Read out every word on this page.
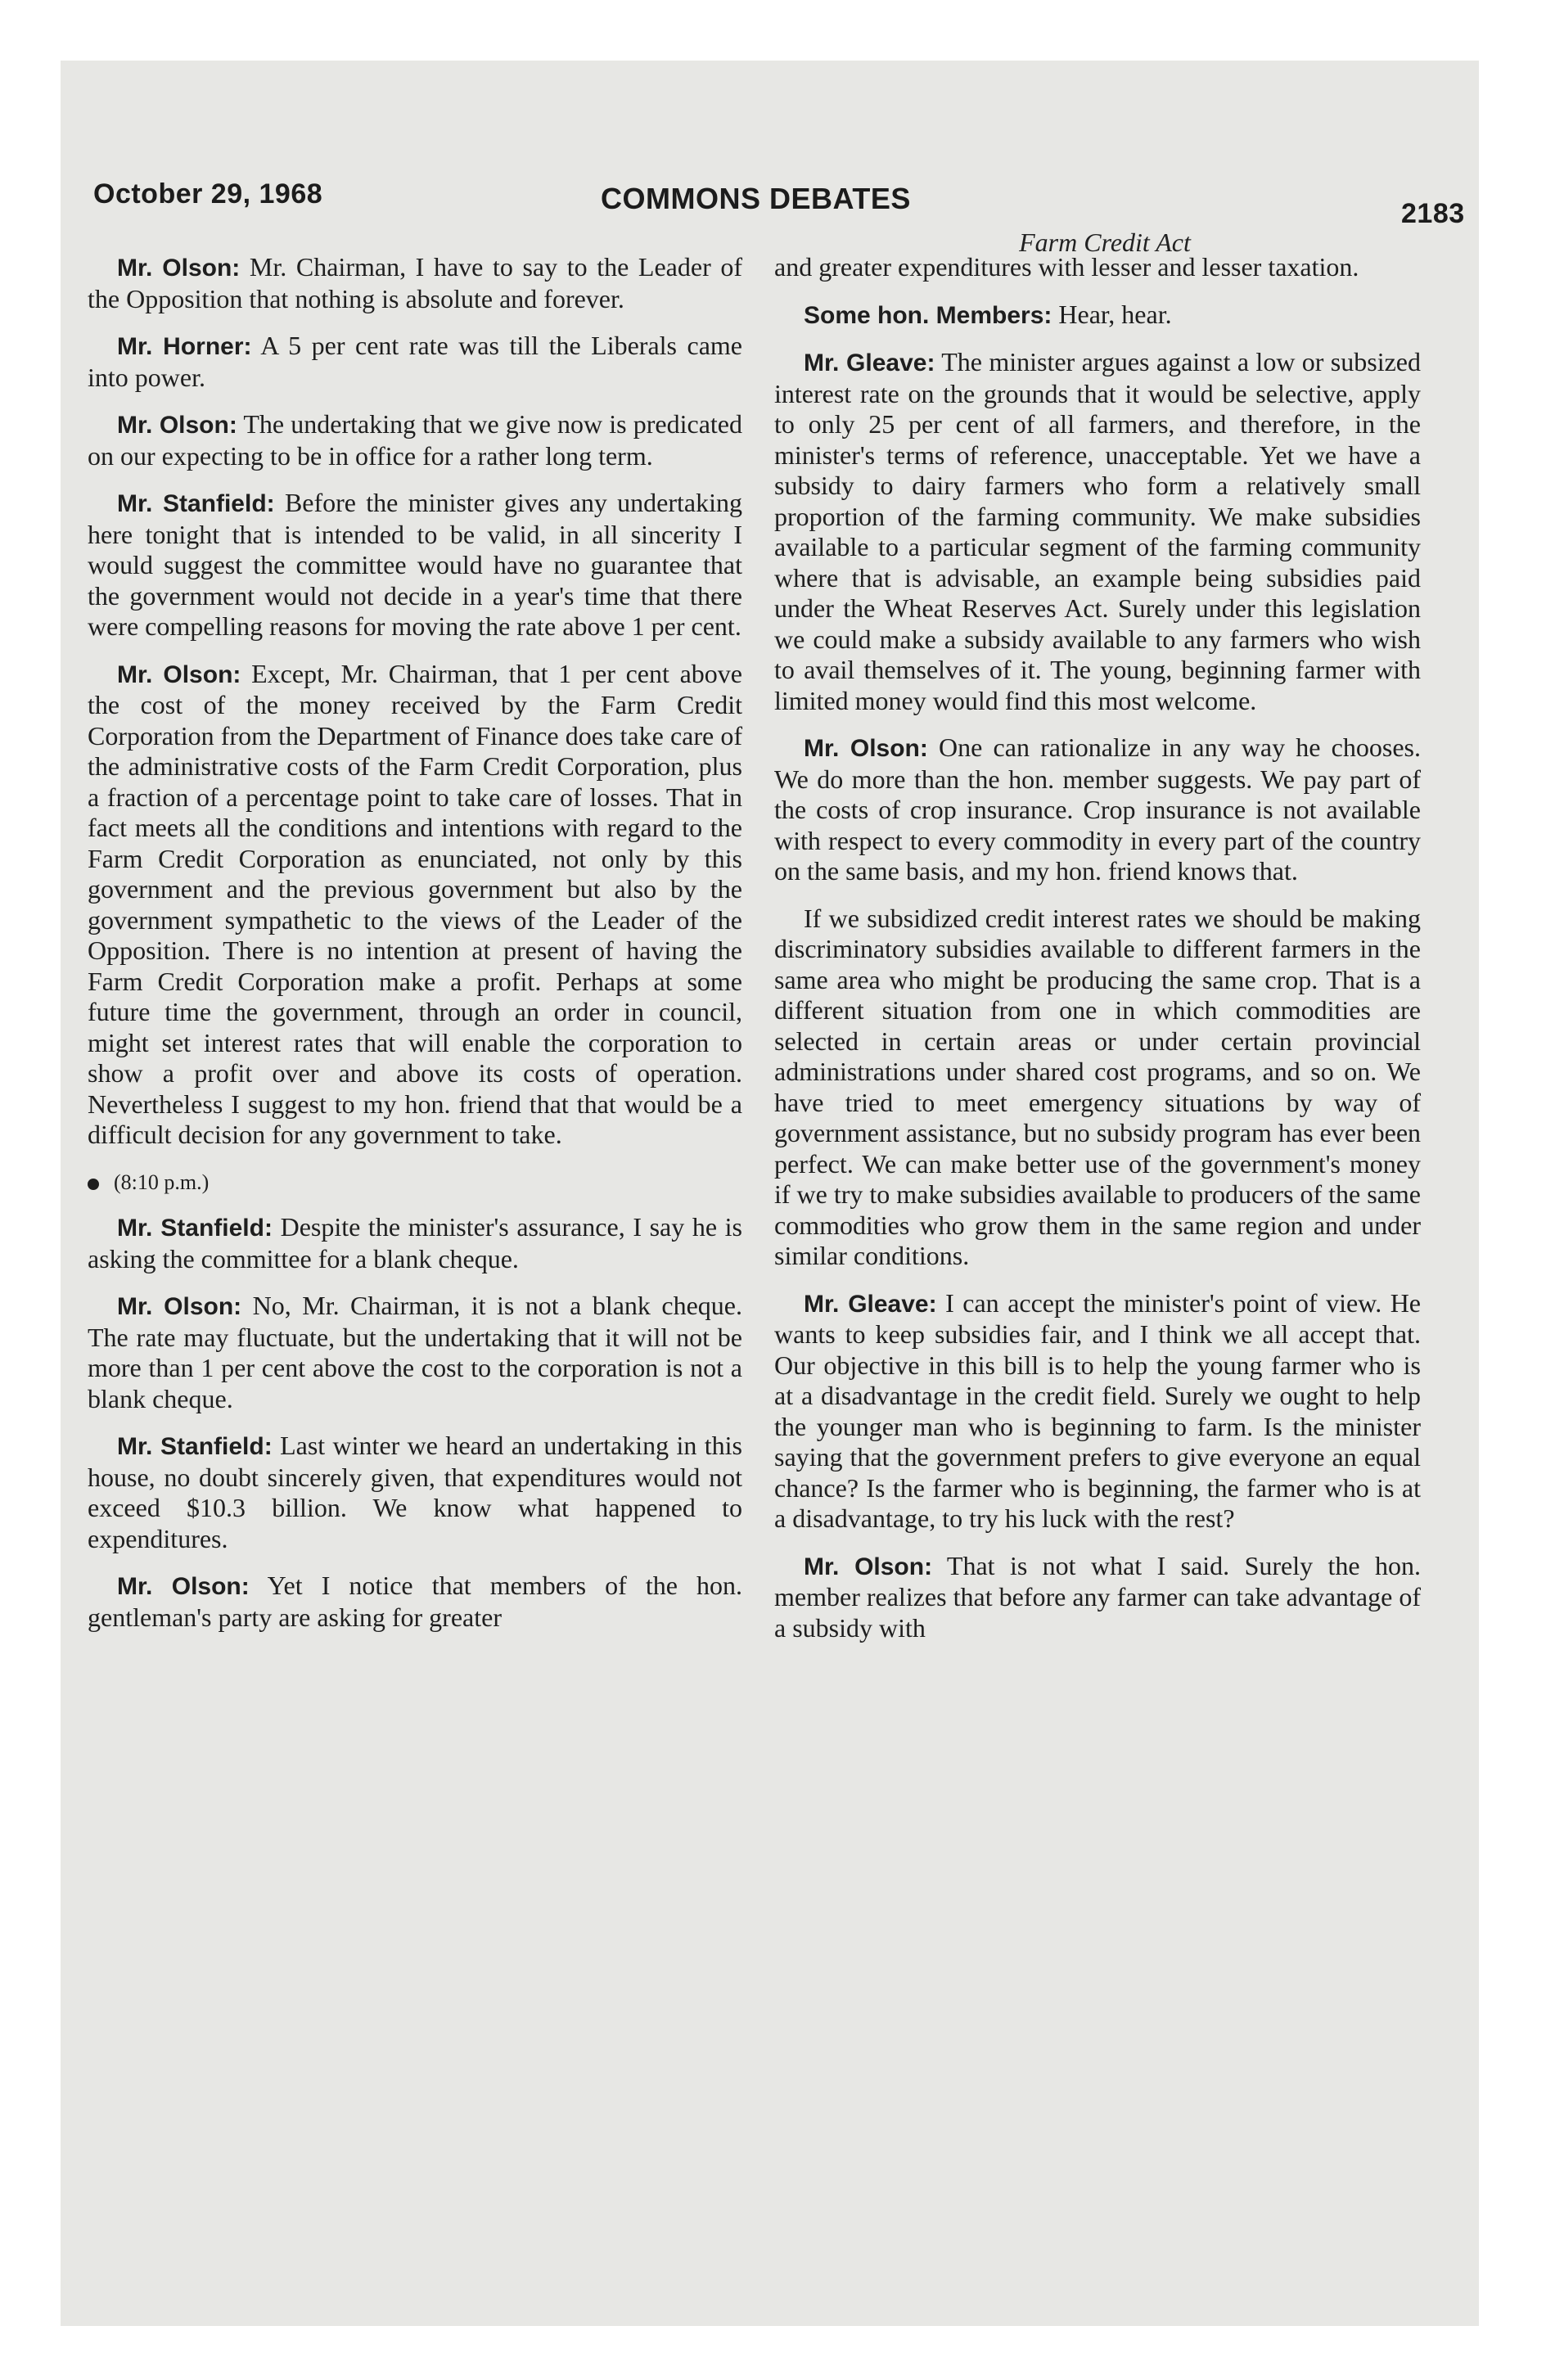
October 29, 1968	COMMONS DEBATES	2183
Farm Credit Act

Mr. Olson: Mr. Chairman, I have to say to the Leader of the Opposition that nothing is absolute and forever.

Mr. Horner: A 5 per cent rate was till the Liberals came into power.

Mr. Olson: The undertaking that we give now is predicated on our expecting to be in office for a rather long term.

Mr. Stanfield: Before the minister gives any undertaking here tonight that is intended to be valid, in all sincerity I would suggest the committee would have no guarantee that the government would not decide in a year's time that there were compelling reasons for moving the rate above 1 per cent.

Mr. Olson: Except, Mr. Chairman, that 1 per cent above the cost of the money received by the Farm Credit Corporation from the Department of Finance does take care of the administrative costs of the Farm Credit Corporation, plus a fraction of a percentage point to take care of losses. That in fact meets all the conditions and intentions with regard to the Farm Credit Corporation as enunciated, not only by this government and the previous government but also by the government sympathetic to the views of the Leader of the Opposition. There is no intention at present of having the Farm Credit Corporation make a profit. Perhaps at some future time the government, through an order in council, might set interest rates that will enable the corporation to show a profit over and above its costs of operation. Nevertheless I suggest to my hon. friend that that would be a difficult decision for any government to take.

(8:10 p.m.)

Mr. Stanfield: Despite the minister's assurance, I say he is asking the committee for a blank cheque.

Mr. Olson: No, Mr. Chairman, it is not a blank cheque. The rate may fluctuate, but the undertaking that it will not be more than 1 per cent above the cost to the corporation is not a blank cheque.

Mr. Stanfield: Last winter we heard an undertaking in this house, no doubt sincerely given, that expenditures would not exceed $10.3 billion. We know what happened to expenditures.

Mr. Olson: Yet I notice that members of the hon. gentleman's party are asking for greater

and greater expenditures with lesser and lesser taxation.

Some hon. Members: Hear, hear.

Mr. Gleave: The minister argues against a low or subsized interest rate on the grounds that it would be selective, apply to only 25 per cent of all farmers, and therefore, in the minister's terms of reference, unacceptable. Yet we have a subsidy to dairy farmers who form a relatively small proportion of the farming community. We make subsidies available to a particular segment of the farming community where that is advisable, an example being subsidies paid under the Wheat Reserves Act. Surely under this legislation we could make a subsidy available to any farmers who wish to avail themselves of it. The young, beginning farmer with limited money would find this most welcome.

Mr. Olson: One can rationalize in any way he chooses. We do more than the hon. member suggests. We pay part of the costs of crop insurance. Crop insurance is not available with respect to every commodity in every part of the country on the same basis, and my hon. friend knows that.

If we subsidized credit interest rates we should be making discriminatory subsidies available to different farmers in the same area who might be producing the same crop. That is a different situation from one in which commodities are selected in certain areas or under certain provincial administrations under shared cost programs, and so on. We have tried to meet emergency situations by way of government assistance, but no subsidy program has ever been perfect. We can make better use of the government's money if we try to make subsidies available to producers of the same commodities who grow them in the same region and under similar conditions.

Mr. Gleave: I can accept the minister's point of view. He wants to keep subsidies fair, and I think we all accept that. Our objective in this bill is to help the young farmer who is at a disadvantage in the credit field. Surely we ought to help the younger man who is beginning to farm. Is the minister saying that the government prefers to give everyone an equal chance? Is the farmer who is beginning, the farmer who is at a disadvantage, to try his luck with the rest?

Mr. Olson: That is not what I said. Surely the hon. member realizes that before any farmer can take advantage of a subsidy with
